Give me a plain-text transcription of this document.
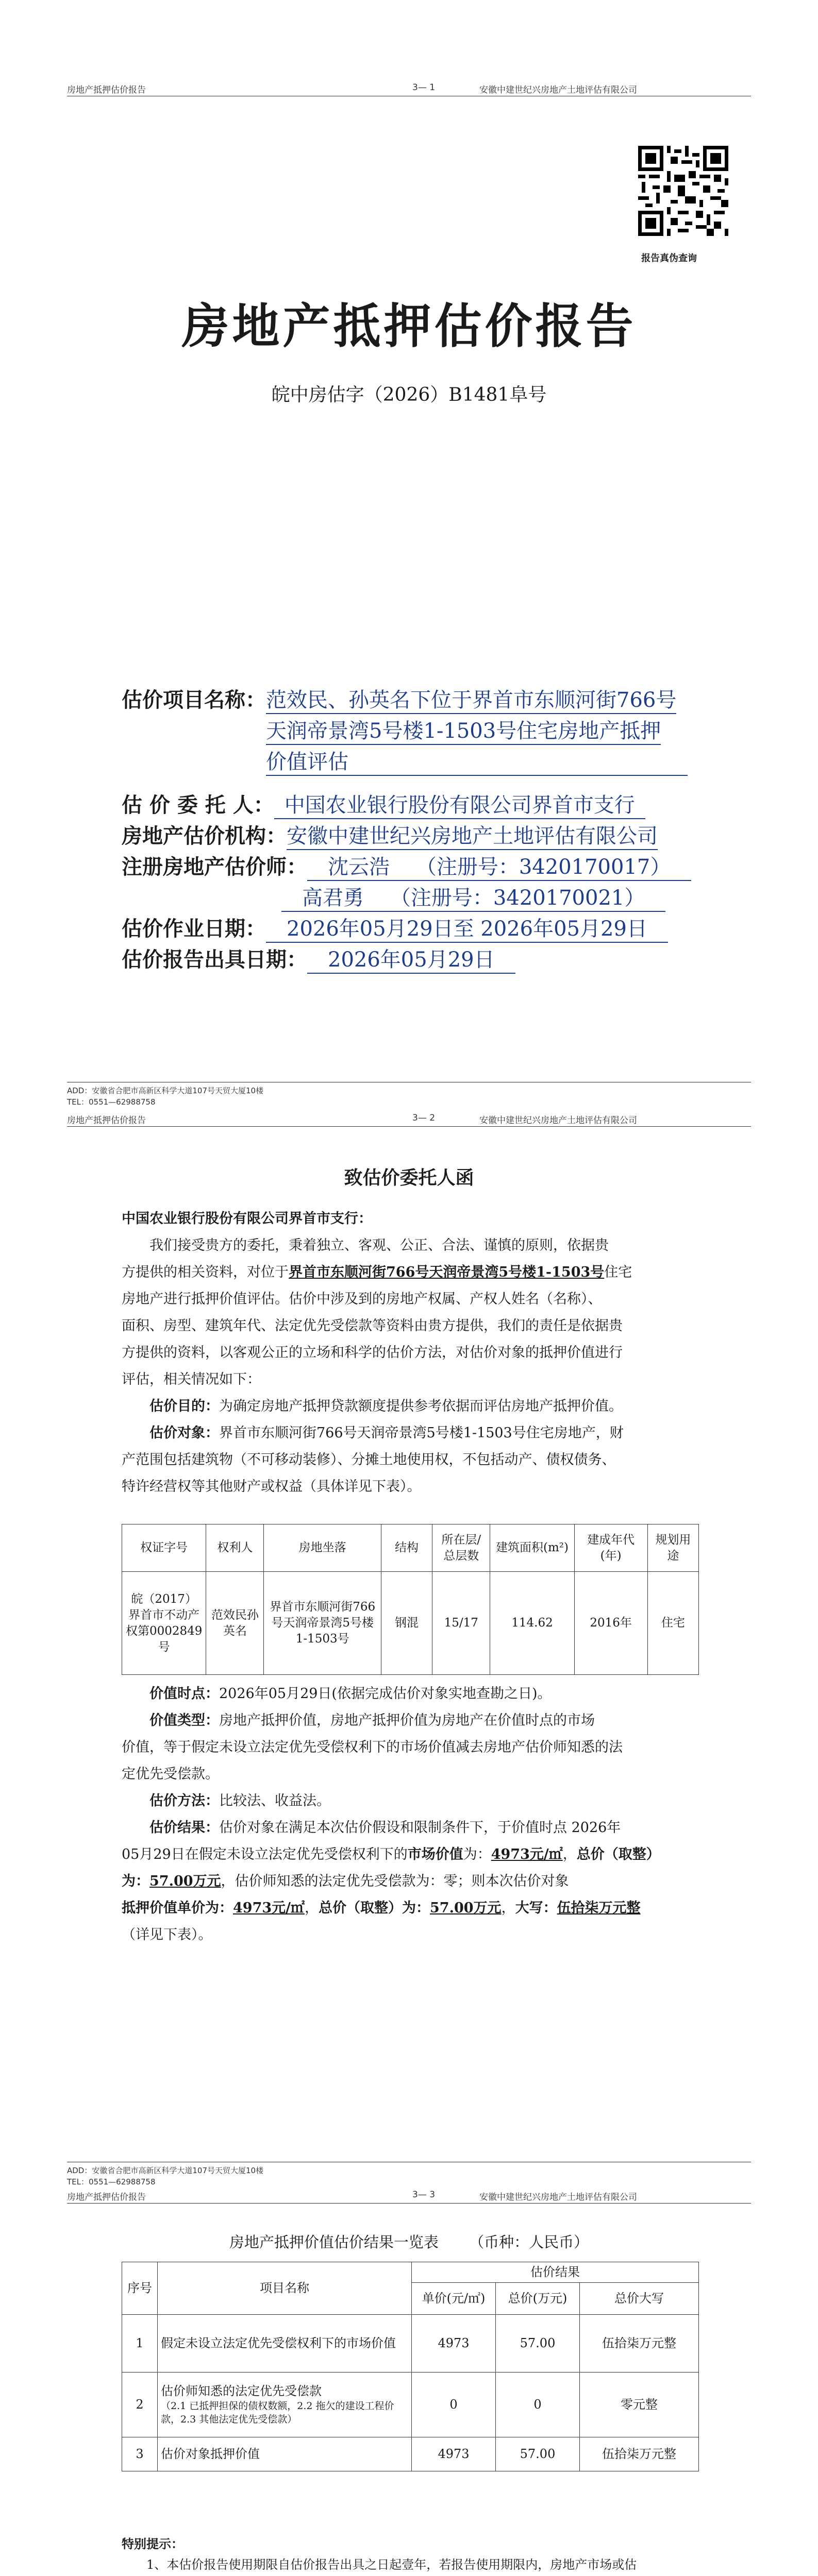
房地产抵押估价报告	3— 1	安徽中建世纪兴房地产土地评估有限公司
报告真伪查询
房地产抵押估价报告
皖中房估字（2026）B1481阜号
估价项目名称：范效民、孙英名下位于界首市东顺河街766号
天润帝景湾5号楼1-1503号住宅房地产抵押
价值评估
估 价 委 托 人： 中国农业银行股份有限公司界首市支行
房地产估价机构：安徽中建世纪兴房地产土地评估有限公司
注册房地产估价师： 沈云浩    （注册号：3420170017）
高君勇    （注册号：3420170021）
估价作业日期： 2026年05月29日至 2026年05月29日
估价报告出具日期： 2026年05月29日
ADD：安徽省合肥市高新区科学大道107号天贸大厦10楼
TEL：0551—62988758
房地产抵押估价报告	3— 2	安徽中建世纪兴房地产土地评估有限公司
致估价委托人函
中国农业银行股份有限公司界首市支行：
我们接受贵方的委托，秉着独立、客观、公正、合法、谨慎的原则，依据贵
方提供的相关资料，对位于界首市东顺河街766号天润帝景湾5号楼1-1503号住宅
房地产进行抵押价值评估。估价中涉及到的房地产权属、产权人姓名（名称）、
面积、房型、建筑年代、法定优先受偿款等资料由贵方提供，我们的责任是依据贵
方提供的资料，以客观公正的立场和科学的估价方法，对估价对象的抵押价值进行
评估，相关情况如下：
估价目的：为确定房地产抵押贷款额度提供参考依据而评估房地产抵押价值。
估价对象：界首市东顺河街766号天润帝景湾5号楼1-1503号住宅房地产，财
产范围包括建筑物（不可移动装修）、分摊土地使用权，不包括动产、债权债务、
特许经营权等其他财产或权益（具体详见下表）。
权证字号	权利人	房地坐落	结构	所在层/总层数	建筑面积(m²)	建成年代(年)	规划用途
皖（2017）界首市不动产权第0002849号	范效民孙英名	界首市东顺河街766号天润帝景湾5号楼1-1503号	钢混	15/17	114.62	2016年	住宅
价值时点：2026年05月29日(依据完成估价对象实地查勘之日)。
价值类型：房地产抵押价值，房地产抵押价值为房地产在价值时点的市场
价值，等于假定未设立法定优先受偿权利下的市场价值减去房地产估价师知悉的法
定优先受偿款。
估价方法：比较法、收益法。
估价结果：估价对象在满足本次估价假设和限制条件下，于价值时点 2026年
05月29日在假定未设立法定优先受偿权利下的市场价值为：4973元/㎡，总价（取整）
为：57.00万元，估价师知悉的法定优先受偿款为：零；则本次估价对象
抵押价值单价为：4973元/㎡，总价（取整）为：57.00万元，大写：伍拾柒万元整
（详见下表）。
ADD：安徽省合肥市高新区科学大道107号天贸大厦10楼
TEL：0551—62988758
房地产抵押估价报告	3— 3	安徽中建世纪兴房地产土地评估有限公司
房地产抵押价值估价结果一览表 （币种：人民币）
序号	项目名称	估价结果		
		单价(元/㎡)	总价(万元)	总价大写
1	假定未设立法定优先受偿权利下的市场价值	4973	57.00	伍拾柒万元整
2	估价师知悉的法定优先受偿款
（2.1 已抵押担保的债权数额，2.2 拖欠的建设工程价款，2.3 其他法定优先受偿款）	0	0	零元整
3	估价对象抵押价值	4973	57.00	伍拾柒万元整
特别提示：
1、本估价报告使用期限自估价报告出具之日起壹年，若报告使用期限内，房地产市场或估
